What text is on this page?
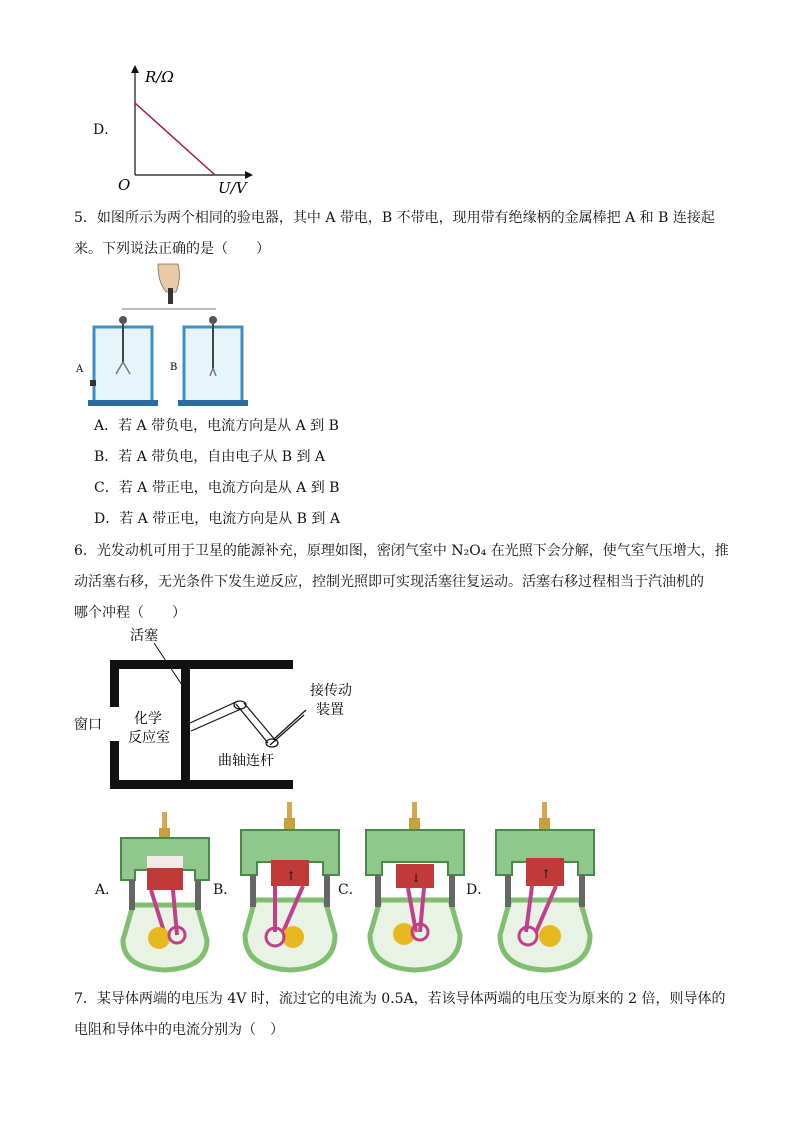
D．
R/Ω
O	U/V
5．如图所示为两个相同的验电器，其中 A 带电，B 不带电，现用带有绝缘柄的金属棒把 A 和 B 连接起
来。下列说法正确的是（　　）
A	B
A．若 A 带负电，电流方向是从 A 到 B
B．若 A 带负电，自由电子从 B 到 A
C．若 A 带正电，电流方向是从 A 到 B
D．若 A 带正电，电流方向是从 B 到 A
6．光发动机可用于卫星的能源补充，原理如图，密闭气室中 N₂O₄ 在光照下会分解，使气室气压增大，推
动活塞右移，无光条件下发生逆反应，控制光照即可实现活塞往复运动。活塞右移过程相当于汽油机的
哪个冲程（　　）
活塞
窗口 化学
反应室
曲轴连杆
接传动
装置
A．	B．	C．	D．
↑	↓	↑
7．某导体两端的电压为 4V 时，流过它的电流为 0.5A，若该导体两端的电压变为原来的 2 倍，则导体的
电阻和导体中的电流分别为（　）
